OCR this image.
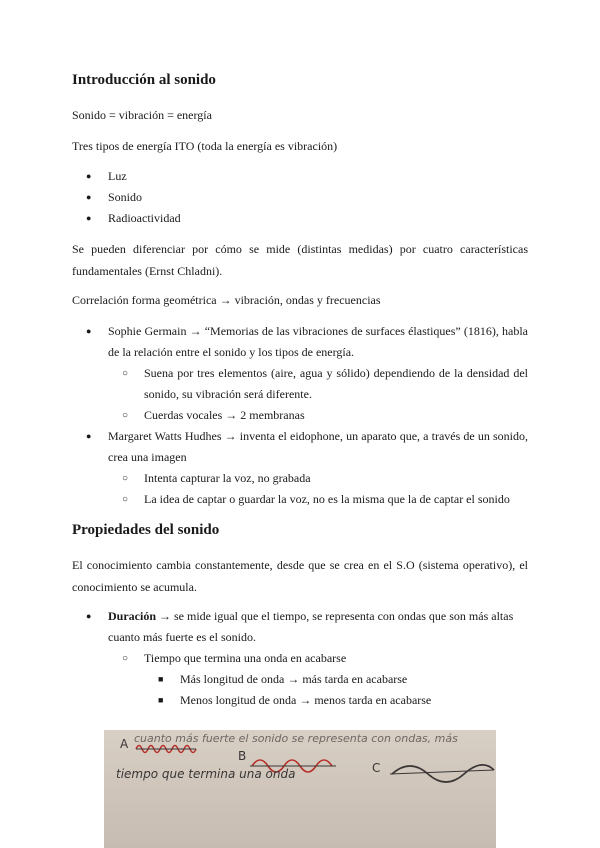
Introducción al sonido

Sonido = vibración = energía

Tres tipos de energía ITO (toda la energía es vibración)

● Luz
● Sonido
● Radioactividad

Se pueden diferenciar por cómo se mide (distintas medidas) por cuatro características fundamentales (Ernst Chladni).

Correlación forma geométrica → vibración, ondas y frecuencias

● Sophie Germain → “Memorias de las vibraciones de surfaces élastiques” (1816), habla de la relación entre el sonido y los tipos de energía.
○ Suena por tres elementos (aire, agua y sólido) dependiendo de la densidad del sonido, su vibración será diferente.
○ Cuerdas vocales → 2 membranas
● Margaret Watts Hudhes → inventa el eidophone, un aparato que, a través de un sonido, crea una imagen
○ Intenta capturar la voz, no grabada
○ La idea de captar o guardar la voz, no es la misma que la de captar el sonido
Propiedades del sonido

El conocimiento cambia constantemente, desde que se crea en el S.O (sistema operativo), el conocimiento se acumula.

● Duración → se mide igual que el tiempo, se representa con ondas que son más altas cuanto más fuerte es el sonido.
○ Tiempo que termina una onda en acabarse
■ Más longitud de onda → más tarda en acabarse
■ Menos longitud de onda → menos tarda en acabarse
cuanto más fuerte el sonido se representa con ondas, más
A
B
C
tiempo que termina una onda
